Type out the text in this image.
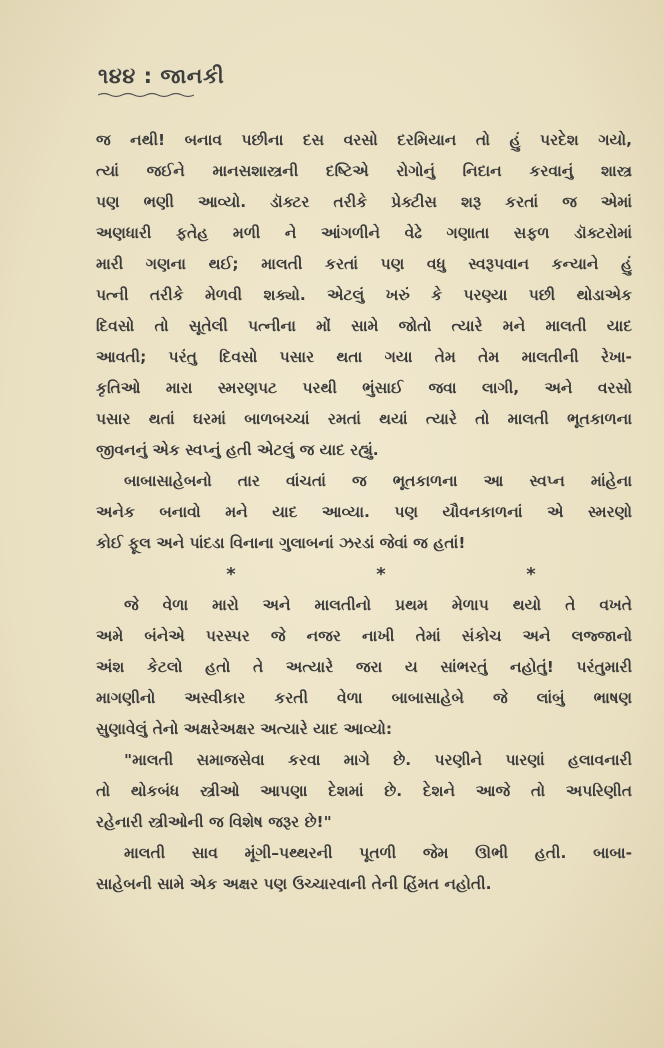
૧૪૪ : જાનકી
જ નથી! બનાવ પછીના દસ વરસો દરમિયાન તો હું પરદેશ ગયો,
ત્યાં જઈને માનસશાસ્ત્રની દષ્ટિએ રોગોનું નિદાન કરવાનું શાસ્ત્ર
પણ ભણી આવ્યો. ડૉક્ટર તરીકે પ્રેક્ટીસ શરૂ કરતાં જ એમાં
અણધારી ફતેહ મળી ને આંગળીને વેઢે ગણાતા સફળ ડૉક્ટરોમાં
મારી ગણના થઈ; માલતી કરતાં પણ વધુ સ્વરૂપવાન કન્યાને હું
પત્ની તરીકે મેળવી શક્યો. એટલું ખરું કે પરણ્યા પછી થોડાએક
દિવસો તો સૂતેલી પત્નીના મોં સામે જોતો ત્યારે મને માલતી યાદ
આવતી; પરંતુ દિવસો પસાર થતા ગયા તેમ તેમ માલતીની રેખા-
કૃતિઓ મારા સ્મરણપટ પરથી ભુંસાઈ જવા લાગી, અને વરસો
પસાર થતાં ઘરમાં બાળબચ્ચાં રમતાં થયાં ત્યારે તો માલતી ભૂતકાળના
જીવનનું એક સ્વપ્નું હતી એટલું જ યાદ રહ્યું.
બાબાસાહેબનો તાર વાંચતાં જ ભૂતકાળના આ સ્વપ્ન માંહેના
અનેક બનાવો મને યાદ આવ્યા. પણ યૌવનકાળનાં એ સ્મરણો
કોઈ ફૂલ અને પાંદડા વિનાના ગુલાબનાં ઝરડાં જેવાં જ હતાં!
*	*	*
જે વેળા મારો અને માલતીનો પ્રથમ મેળાપ થયો તે વખતે
અમે બંનેએ પરસ્પર જે નજર નાખી તેમાં સંકોચ અને લજ્જાનો
અંશ કેટલો હતો તે અત્યારે જરા ય સાંભરતું નહોતું! પરંતુમારી
માગણીનો અસ્વીકાર કરતી વેળા બાબાસાહેબે જે લાંબું ભાષણ
સુણાવેલું તેનો અક્ષરેઅક્ષર અત્યારે યાદ આવ્યો:
"માલતી સમાજસેવા કરવા માગે છે. પરણીને પારણાં હલાવનારી
તો થોકબંધ સ્ત્રીઓ આપણા દેશમાં છે. દેશને આજે તો અપરિણીત
રહેનારી સ્ત્રીઓની જ વિશેષ જરૂર છે!"
માલતી સાવ મૂંગી–પથ્થરની પૂતળી જેમ ઊભી હતી. બાબા-
સાહેબની સામે એક અક્ષર પણ ઉચ્ચારવાની તેની હિંમત નહોતી.
